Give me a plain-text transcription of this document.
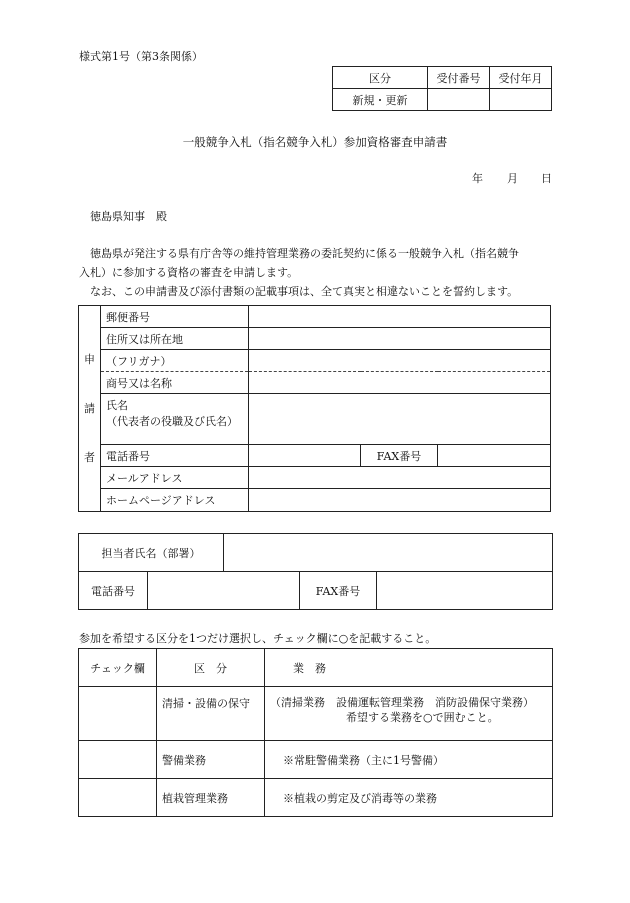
様式第1号（第3条関係）
区分	受付番号	受付年月
新規・更新		
一般競争入札（指名競争入札）参加資格審査申請書
年 月 日
徳島県知事　殿

徳島県が発注する県有庁舎等の維持管理業務の委託契約に係る一般競争入札（指名競争

入札）に参加する資格の審査を申請します。

なお、この申請書及び添付書類の記載事項は、全て真実と相違ないことを誓約します。

申
請
者	郵便番号			
	住所又は所在地			
	（フリガナ）			
	商号又は名称			

	氏名
（代表者の役職及び氏名）			

	電話番号		FAX番号	
	メールアドレス			
	ホームページアドレス			
担当者氏名（部署）				
電話番号			FAX番号	
参加を希望する区分を1つだけ選択し、チェック欄に○を記載すること。
チェック欄	区　分	業　務
	清掃・設備の保守	（清掃業務　設備運転管理業務　消防設備保守業務）
希望する業務を○で囲むこと。

	警備業務	※常駐警備業務（主に1号警備）
	植栽管理業務	※植栽の剪定及び消毒等の業務
